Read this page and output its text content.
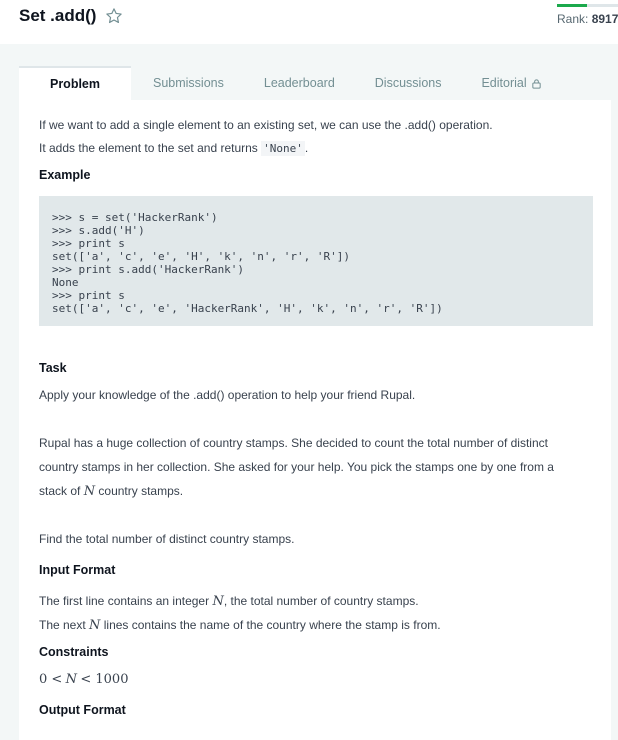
Set .add()	Rank: 8917
Problem	Submissions	Leaderboard	Discussions	Editorial
If we want to add a single element to an existing set, we can use the .add() operation.
It adds the element to the set and returns 'None' .
Example
>>> s = set('HackerRank')
>>> s.add('H')
>>> print s
set(['a', 'c', 'e', 'H', 'k', 'n', 'r', 'R'])
>>> print s.add('HackerRank')
None
>>> print s
set(['a', 'c', 'e', 'HackerRank', 'H', 'k', 'n', 'r', 'R'])
Task
Apply your knowledge of the .add() operation to help your friend Rupal.
Rupal has a huge collection of country stamps. She decided to count the total number of distinct
country stamps in her collection. She asked for your help. You pick the stamps one by one from a
stack of N country stamps.
Find the total number of distinct country stamps.
Input Format
The first line contains an integer N, the total number of country stamps.
The next N lines contains the name of the country where the stamp is from.
Constraints
0 < N < 1000
Output Format
